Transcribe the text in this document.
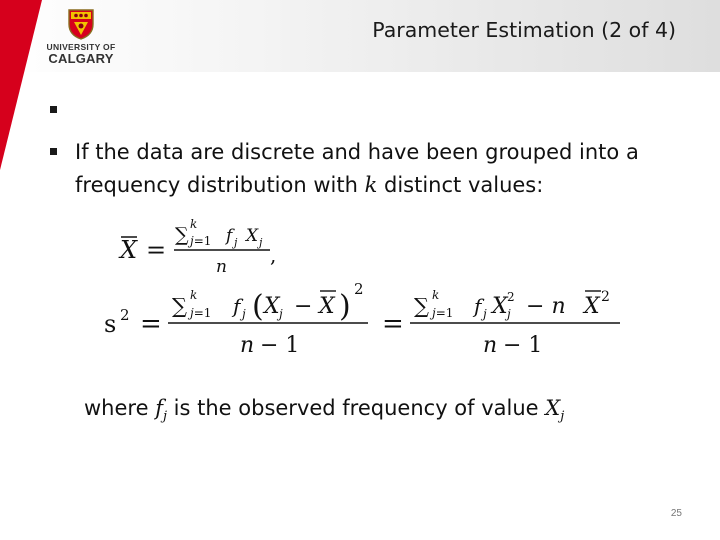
UNIVERSITY OF
CALGARY
Parameter Estimation (2 of 4)
If the data are discrete and have been grouped into a
frequency distribution with k distinct values:
X =
∑ k
j=1 f j X j
n ,
s 2 =
∑ k
j=1 f j ( X j − X ) 2
n − 1
=
∑ k
j=1 f j X 2
j − n X 2
n − 1
where $f_j$ is the observed frequency of value $X_j$
25
